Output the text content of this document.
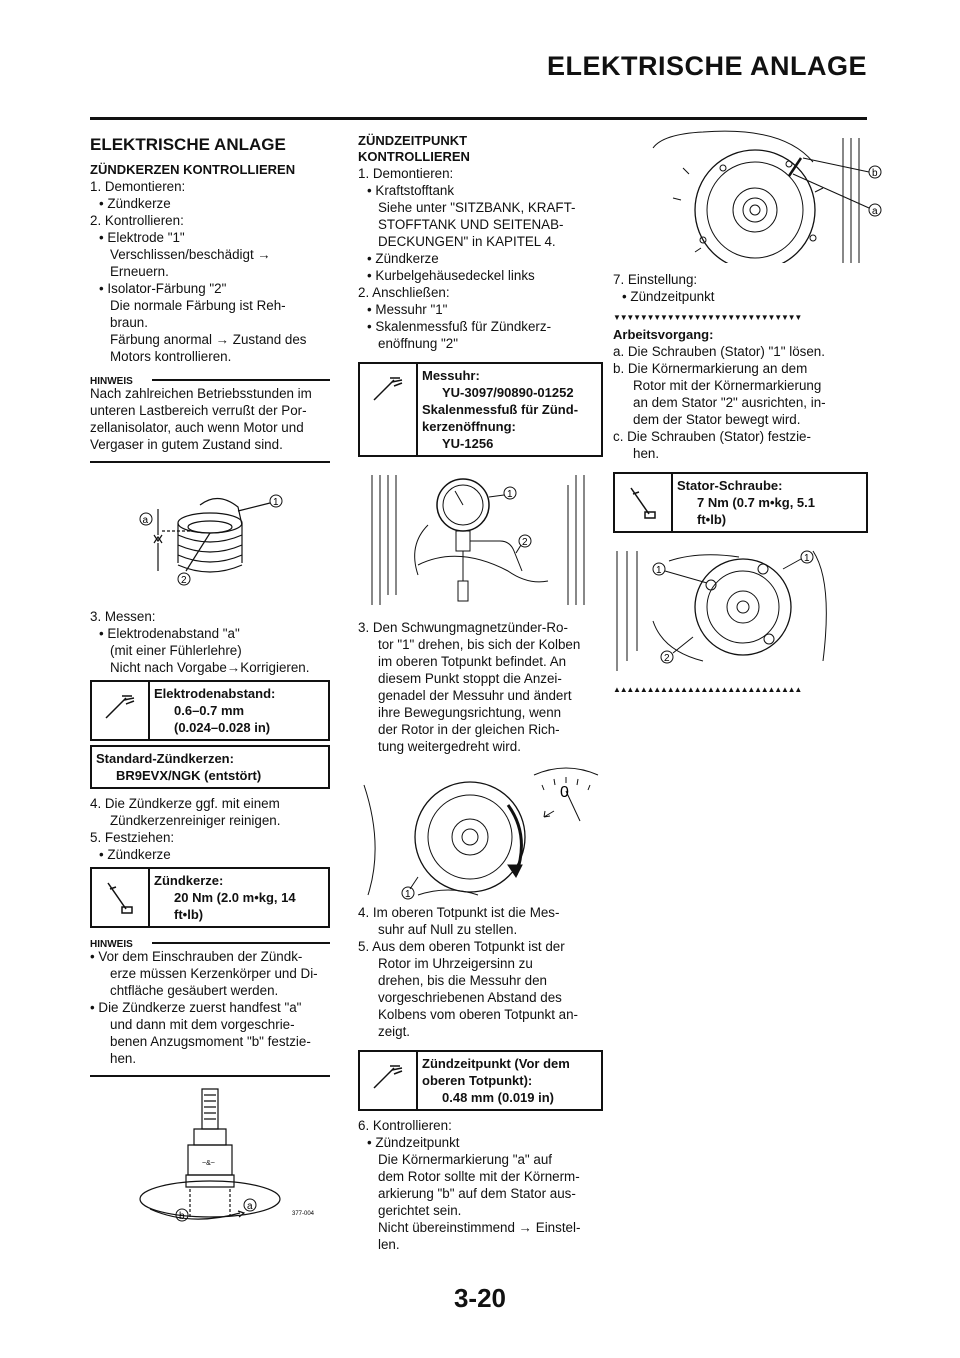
ELEKTRISCHE ANLAGE
ELEKTRISCHE ANLAGE
ZÜNDKERZEN KONTROLLIEREN
1. Demontieren:
• Zündkerze
2. Kontrollieren:
• Elektrode "1"
Verschlissen/beschädigt →
Erneuern.
• Isolator-Färbung "2"
Die normale Färbung ist Reh-
braun.
Färbung anormal → Zustand des
Motors kontrollieren.
HINWEIS
Nach zahlreichen Betriebsstunden im
unteren Lastbereich verrußt der Por-
zellanisolator, auch wenn Motor und
Vergaser in gutem Zustand sind.
a
1
2
3. Messen:
• Elektrodenabstand "a"
(mit einer Fühlerlehre)
Nicht nach Vorgabe→Korrigieren.
Elektrodenabstand:
0.6–0.7 mm
(0.024–0.028 in)
Standard-Zündkerzen:
BR9EVX/NGK (entstört)
4. Die Zündkerze ggf. mit einem
Zündkerzenreiniger reinigen.
5. Festziehen:
• Zündkerze
Zündkerze:
20 Nm (2.0 m•kg, 14
ft•lb)
HINWEIS
• Vor dem Einschrauben der Zündk-
erze müssen Kerzenkörper und Di-
chtfläche gesäubert werden.
• Die Zündkerze zuerst handfest "a"
und dann mit dem vorgeschrie-
benen Anzugsmoment "b" festzie-
hen.
~&~
a
b	377-004
ZÜNDZEITPUNKT
KONTROLLIEREN
1. Demontieren:
• Kraftstofftank
Siehe unter "SITZBANK, KRAFT-
STOFFTANK UND SEITENAB-
DECKUNGEN" in KAPITEL 4.
• Zündkerze
• Kurbelgehäusedeckel links
2. Anschließen:
• Messuhr "1"
• Skalenmessfuß für Zündkerz-
enöffnung "2"
Messuhr:
YU-3097/90890-01252
Skalenmessfuß für Zünd-
kerzenöffnung:
YU-1256
1
2
3. Den Schwungmagnetzünder-Ro-
tor "1" drehen, bis sich der Kolben
im oberen Totpunkt befindet. An
diesem Punkt stoppt die Anzei-
genadel der Messuhr und ändert
ihre Bewegungsrichtung, wenn
der Rotor in der gleichen Rich-
tung weitergedreht wird.
0
1
4. Im oberen Totpunkt ist die Mes-
suhr auf Null zu stellen.
5. Aus dem oberen Totpunkt ist der
Rotor im Uhrzeigersinn zu
drehen, bis die Messuhr den
vorgeschriebenen Abstand des
Kolbens vom oberen Totpunkt an-
zeigt.
Zündzeitpunkt (Vor dem
oberen Totpunkt):
0.48 mm (0.019 in)
6. Kontrollieren:
• Zündzeitpunkt
Die Körnermarkierung "a" auf
dem Rotor sollte mit der Körnerm-
arkierung "b" auf dem Stator aus-
gerichtet sein.
Nicht übereinstimmend → Einstel-
len.
b
a
7. Einstellung:
• Zündzeitpunkt
▼▼▼▼▼▼▼▼▼▼▼▼▼▼▼▼▼▼▼▼▼▼▼▼▼▼▼▼
Arbeitsvorgang:
a. Die Schrauben (Stator) "1" lösen.
b. Die Körnermarkierung an dem
Rotor mit der Körnermarkierung
an dem Stator "2" ausrichten, in-
dem der Stator bewegt wird.
c. Die Schrauben (Stator) festzie-
hen.
Stator-Schraube:
7 Nm (0.7 m•kg, 5.1
ft•lb)
1
1
2
▲▲▲▲▲▲▲▲▲▲▲▲▲▲▲▲▲▲▲▲▲▲▲▲▲▲▲▲
3-20
